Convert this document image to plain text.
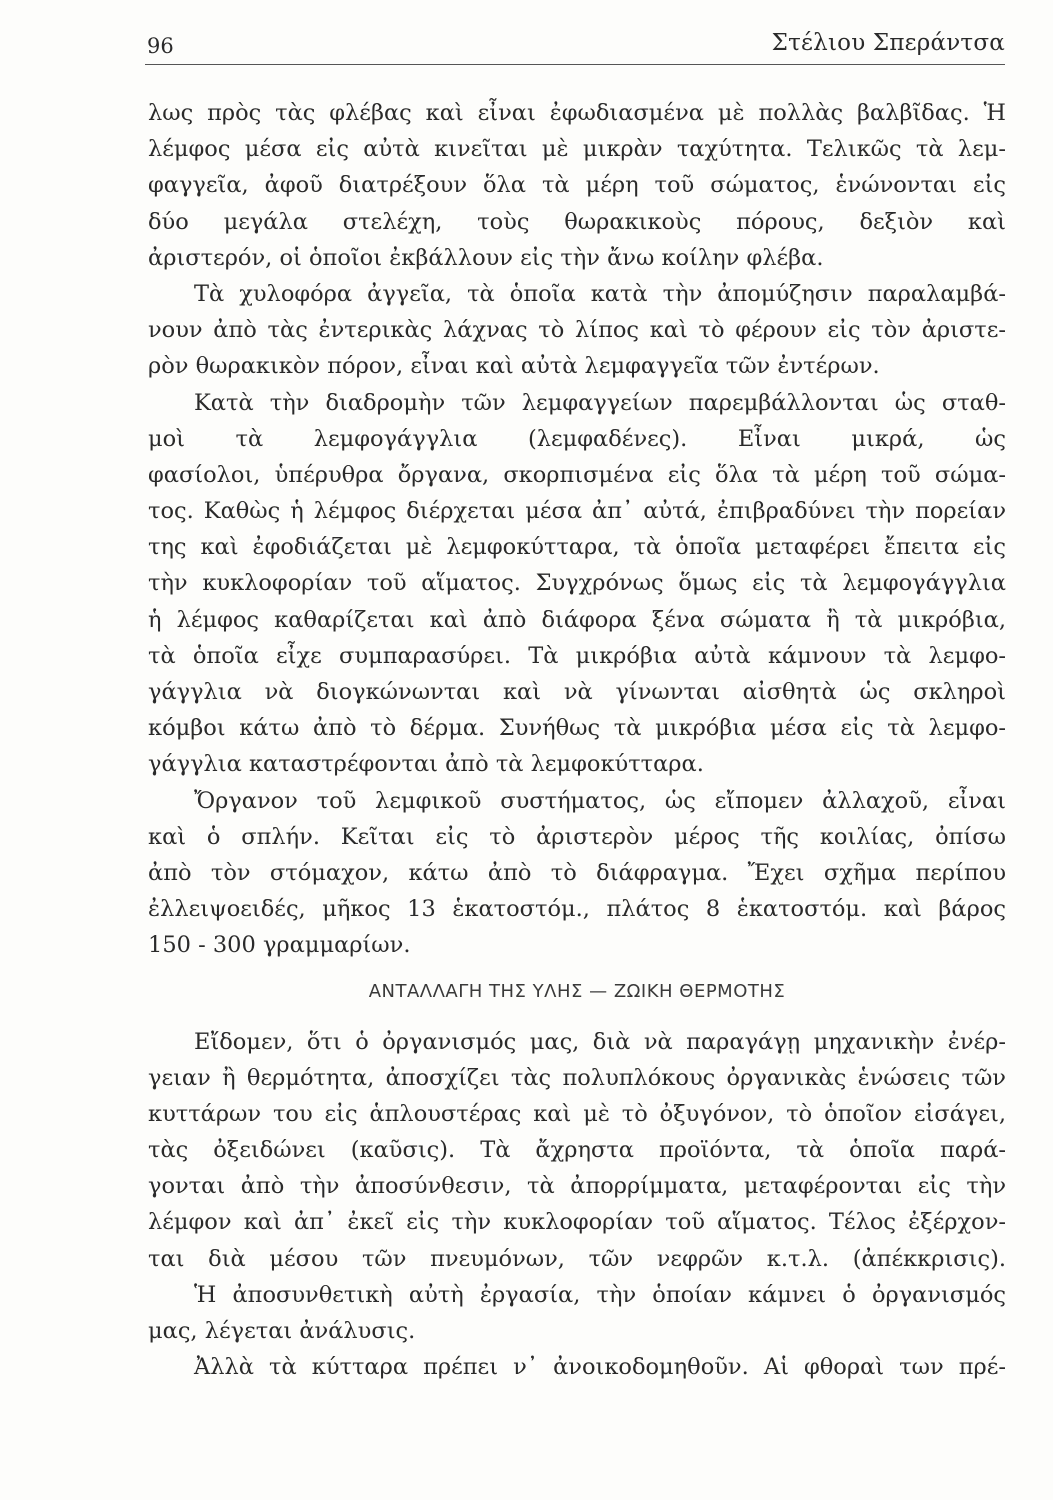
96	Στέλιου Σπεράντσα
λως πρὸς τὰς φλέβας καὶ εἶναι ἐφωδιασμένα μὲ πολλὰς βαλβῖδας. Ἡ
λέμφος μέσα εἰς αὐτὰ κινεῖται μὲ μικρὰν ταχύτητα. Τελικῶς τὰ λεμ-
φαγγεῖα, ἀφοῦ διατρέξουν ὅλα τὰ μέρη τοῦ σώματος, ἑνώνονται εἰς
δύο μεγάλα στελέχη, τοὺς θωρακικοὺς πόρους, δεξιὸν καὶ
ἀριστερόν, οἱ ὁποῖοι ἐκβάλλουν εἰς τὴν ἄνω κοίλην φλέβα.
Τὰ χυλοφόρα ἀγγεῖα, τὰ ὁποῖα κατὰ τὴν ἀπομύζησιν παραλαμβά-
νουν ἀπὸ τὰς ἐντερικὰς λάχνας τὸ λίπος καὶ τὸ φέρουν εἰς τὸν ἀριστε-
ρὸν θωρακικὸν πόρον, εἶναι καὶ αὐτὰ λεμφαγγεῖα τῶν ἐντέρων.
Κατὰ τὴν διαδρομὴν τῶν λεμφαγγείων παρεμβάλλονται ὡς σταθ-
μοὶ τὰ λεμφογάγγλια (λεμφαδένες). Εἶναι μικρά, ὡς
φασίολοι, ὑπέρυθρα ὄργανα, σκορπισμένα εἰς ὅλα τὰ μέρη τοῦ σώμα-
τος. Καθὼς ἡ λέμφος διέρχεται μέσα ἀπ᾽ αὐτά, ἐπιβραδύνει τὴν πορείαν
της καὶ ἐφοδιάζεται μὲ λεμφοκύτταρα, τὰ ὁποῖα μεταφέρει ἔπειτα εἰς
τὴν κυκλοφορίαν τοῦ αἵματος. Συγχρόνως ὅμως εἰς τὰ λεμφογάγγλια
ἡ λέμφος καθαρίζεται καὶ ἀπὸ διάφορα ξένα σώματα ἢ τὰ μικρόβια,
τὰ ὁποῖα εἶχε συμπαρασύρει. Τὰ μικρόβια αὐτὰ κάμνουν τὰ λεμφο-
γάγγλια νὰ διογκώνωνται καὶ νὰ γίνωνται αἰσθητὰ ὡς σκληροὶ
κόμβοι κάτω ἀπὸ τὸ δέρμα. Συνήθως τὰ μικρόβια μέσα εἰς τὰ λεμφο-
γάγγλια καταστρέφονται ἀπὸ τὰ λεμφοκύτταρα.
Ὄργανον τοῦ λεμφικοῦ συστήματος, ὡς εἴπομεν ἀλλαχοῦ, εἶναι
καὶ ὁ σπλήν. Κεῖται εἰς τὸ ἀριστερὸν μέρος τῆς κοιλίας, ὀπίσω
ἀπὸ τὸν στόμαχον, κάτω ἀπὸ τὸ διάφραγμα. Ἔχει σχῆμα περίπου
ἐλλειψοειδές, μῆκος 13 ἑκατοστόμ., πλάτος 8 ἑκατοστόμ. καὶ βάρος
150 - 300 γραμμαρίων.
ΑΝΤΑΛΛΑΓΗ ΤΗΣ ΥΛΗΣ — ΖΩΙΚΗ ΘΕΡΜΟΤΗΣ
Εἴδομεν, ὅτι ὁ ὀργανισμός μας, διὰ νὰ παραγάγῃ μηχανικὴν ἐνέρ-
γειαν ἢ θερμότητα, ἀποσχίζει τὰς πολυπλόκους ὀργανικὰς ἑνώσεις τῶν
κυττάρων του εἰς ἁπλουστέρας καὶ μὲ τὸ ὀξυγόνον, τὸ ὁποῖον εἰσάγει,
τὰς ὀξειδώνει (καῦσις). Τὰ ἄχρηστα προϊόντα, τὰ ὁποῖα παρά-
γονται ἀπὸ τὴν ἀποσύνθεσιν, τὰ ἀπορρίμματα, μεταφέρονται εἰς τὴν
λέμφον καὶ ἀπ᾽ ἐκεῖ εἰς τὴν κυκλοφορίαν τοῦ αἵματος. Τέλος ἐξέρχον-
ται διὰ μέσου τῶν πνευμόνων, τῶν νεφρῶν κ.τ.λ. (ἀπέκκρισις).
Ἡ ἀποσυνθετικὴ αὐτὴ ἐργασία, τὴν ὁποίαν κάμνει ὁ ὀργανισμός
μας, λέγεται ἀνάλυσις.
Ἀλλὰ τὰ κύτταρα πρέπει ν᾽ ἀνοικοδομηθοῦν. Αἱ φθοραὶ των πρέ-
